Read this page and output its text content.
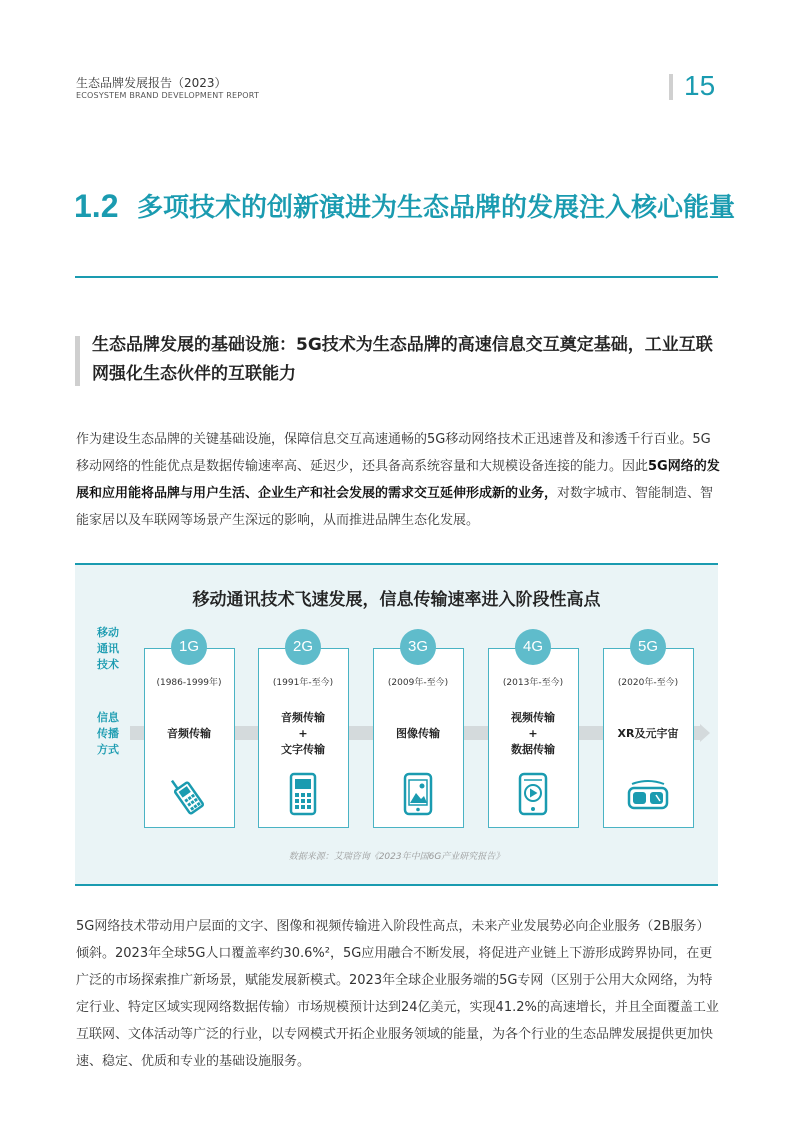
生态品牌发展报告（2023）
ECOSYSTEM BRAND DEVELOPMENT REPORT	15
1.2 多项技术的创新演进为生态品牌的发展注入核心能量
生态品牌发展的基础设施：5G技术为生态品牌的高速信息交互奠定基础，工业互联网强化生态伙伴的互联能力
作为建设生态品牌的关键基础设施，保障信息交互高速通畅的5G移动网络技术正迅速普及和渗透千行百业。5G移动网络的性能优点是数据传输速率高、延迟少，还具备高系统容量和大规模设备连接的能力。因此5G网络的发展和应用能将品牌与用户生活、企业生产和社会发展的需求交互延伸形成新的业务，对数字城市、智能制造、智能家居以及车联网等场景产生深远的影响，从而推进品牌生态化发展。
移动通讯技术飞速发展，信息传输速率进入阶段性高点
移动
通讯
技术
信息
传播
方式
1G
(1986-1999年)
音频传输
2G
(1991年-至今)
音频传输
+
文字传输
3G
(2009年-至今)
图像传输
4G
(2013年-至今)
视频传输
+
数据传输
5G
(2020年-至今)
XR及元宇宙
数据来源：艾瑞咨询《2023年中国6G产业研究报告》
5G网络技术带动用户层面的文字、图像和视频传输进入阶段性高点，未来产业发展势必向企业服务（2B服务）倾斜。2023年全球5G人口覆盖率约30.6%²，5G应用融合不断发展，将促进产业链上下游形成跨界协同，在更广泛的市场探索推广新场景，赋能发展新模式。2023年全球企业服务端的5G专网（区别于公用大众网络，为特定行业、特定区域实现网络数据传输）市场规模预计达到24亿美元，实现41.2%的高速增长，并且全面覆盖工业互联网、文体活动等广泛的行业，以专网模式开拓企业服务领域的能量，为各个行业的生态品牌发展提供更加快速、稳定、优质和专业的基础设施服务。
